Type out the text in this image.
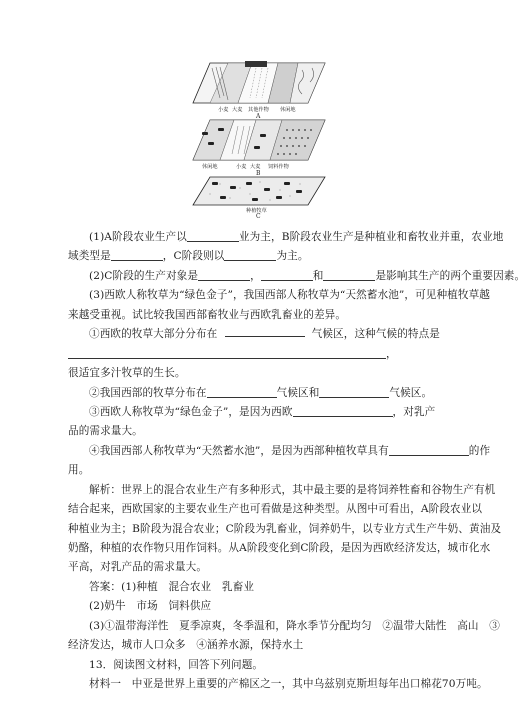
小麦 大麦 其他作物 休闲地
A
休闲地	小麦 大麦 饲料作物
B
种植牧草
C
(1)A阶段农业生产以	业为主，B阶段农业生产是种植业和畜牧业并重，农业地
域类型是	，C阶段则以	为主。
(2)C阶段的生产对象是	，	和	是影响其生产的两个重要因素。
(3)西欧人称牧草为“绿色金子”，我国西部人称牧草为“天然蓄水池”，可见种植牧草越
来越受重视。试比较我国西部畜牧业与西欧乳畜业的差异。
①西欧的牧草大部分分布在	气候区，这种气候的特点是
，
很适宜多汁牧草的生长。
②我国西部的牧草分布在	气候区和	气候区。
③西欧人称牧草为“绿色金子”，是因为西欧	，对乳产
品的需求量大。
④我国西部人称牧草为“天然蓄水池”，是因为西部种植牧草具有	的作
用。
解析：世界上的混合农业生产有多种形式，其中最主要的是将饲养牲畜和谷物生产有机
结合起来，西欧国家的主要农业生产也可看做是这种类型。从图中可看出，A阶段农业以
种植业为主；B阶段为混合农业；C阶段为乳畜业，饲养奶牛，以专业方式生产牛奶、黄油及
奶酪，种植的农作物只用作饲料。从A阶段变化到C阶段，是因为西欧经济发达，城市化水
平高，对乳产品的需求量大。
答案：(1)种植　混合农业　乳畜业
(2)奶牛　市场　饲料供应
(3)①温带海洋性　夏季凉爽，冬季温和，降水季节分配均匀　②温带大陆性　高山　③
经济发达，城市人口众多　④涵养水源，保持水土
13．阅读图文材料，回答下列问题。
材料一　中亚是世界上重要的产棉区之一，其中乌兹别克斯坦每年出口棉花70万吨。
